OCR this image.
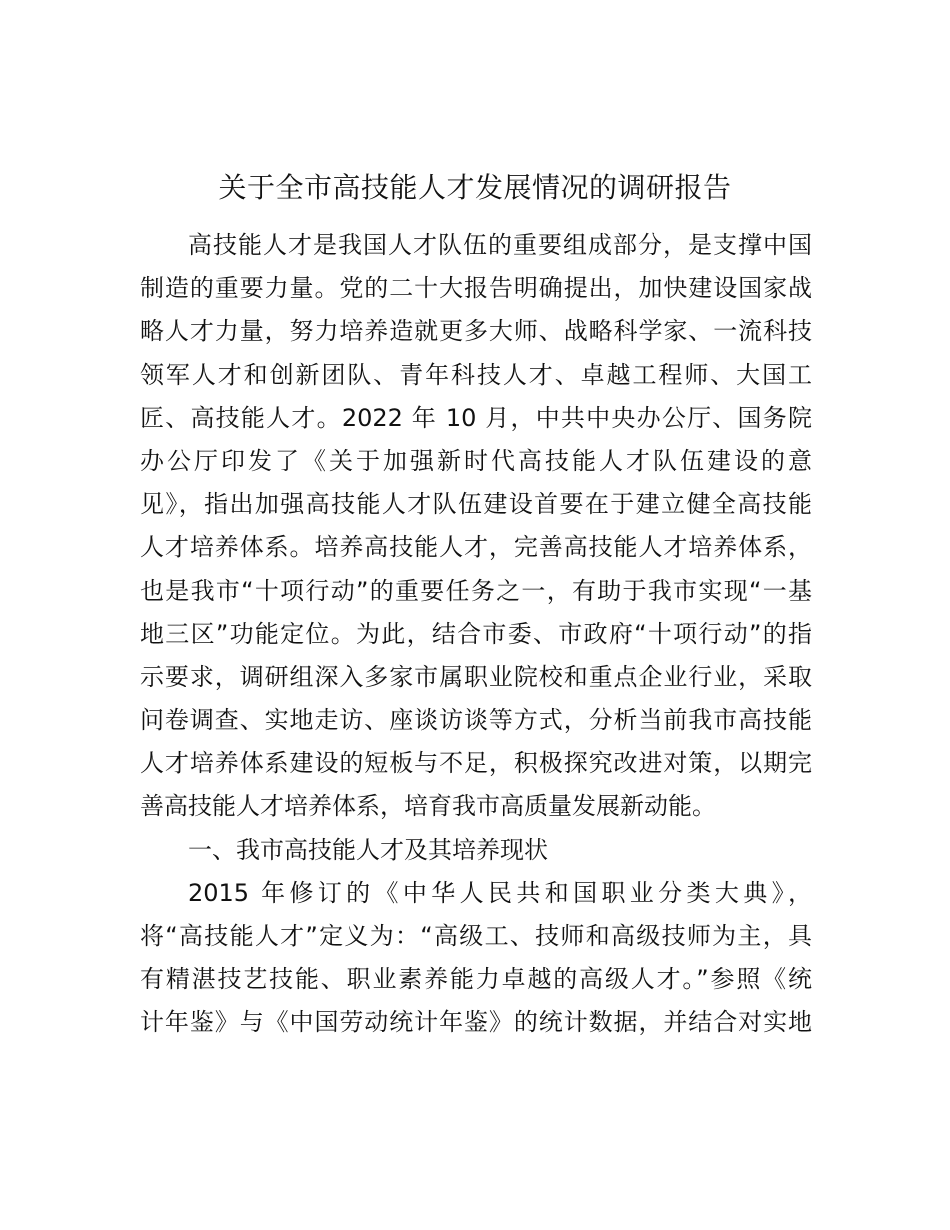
关于全市高技能人才发展情况的调研报告
高技能人才是我国人才队伍的重要组成部分，是支撑中国
制造的重要力量。党的二十大报告明确提出，加快建设国家战
略人才力量，努力培养造就更多大师、战略科学家、一流科技
领军人才和创新团队、青年科技人才、卓越工程师、大国工
匠、高技能人才。2022 年 10 月，中共中央办公厅、国务院
办公厅印发了《关于加强新时代高技能人才队伍建设的意
见》，指出加强高技能人才队伍建设首要在于建立健全高技能
人才培养体系。培养高技能人才，完善高技能人才培养体系，
也是我市“十项行动”的重要任务之一，有助于我市实现“一基
地三区”功能定位。为此，结合市委、市政府“十项行动”的指
示要求，调研组深入多家市属职业院校和重点企业行业，采取
问卷调查、实地走访、座谈访谈等方式，分析当前我市高技能
人才培养体系建设的短板与不足，积极探究改进对策，以期完
善高技能人才培养体系，培育我市高质量发展新动能。
一、我市高技能人才及其培养现状
2015 年修订的《中华人民共和国职业分类大典》，
将“高技能人才”定义为：“高级工、技师和高级技师为主，具
有精湛技艺技能、职业素养能力卓越的高级人才。”参照《统
计年鉴》与《中国劳动统计年鉴》的统计数据，并结合对实地
